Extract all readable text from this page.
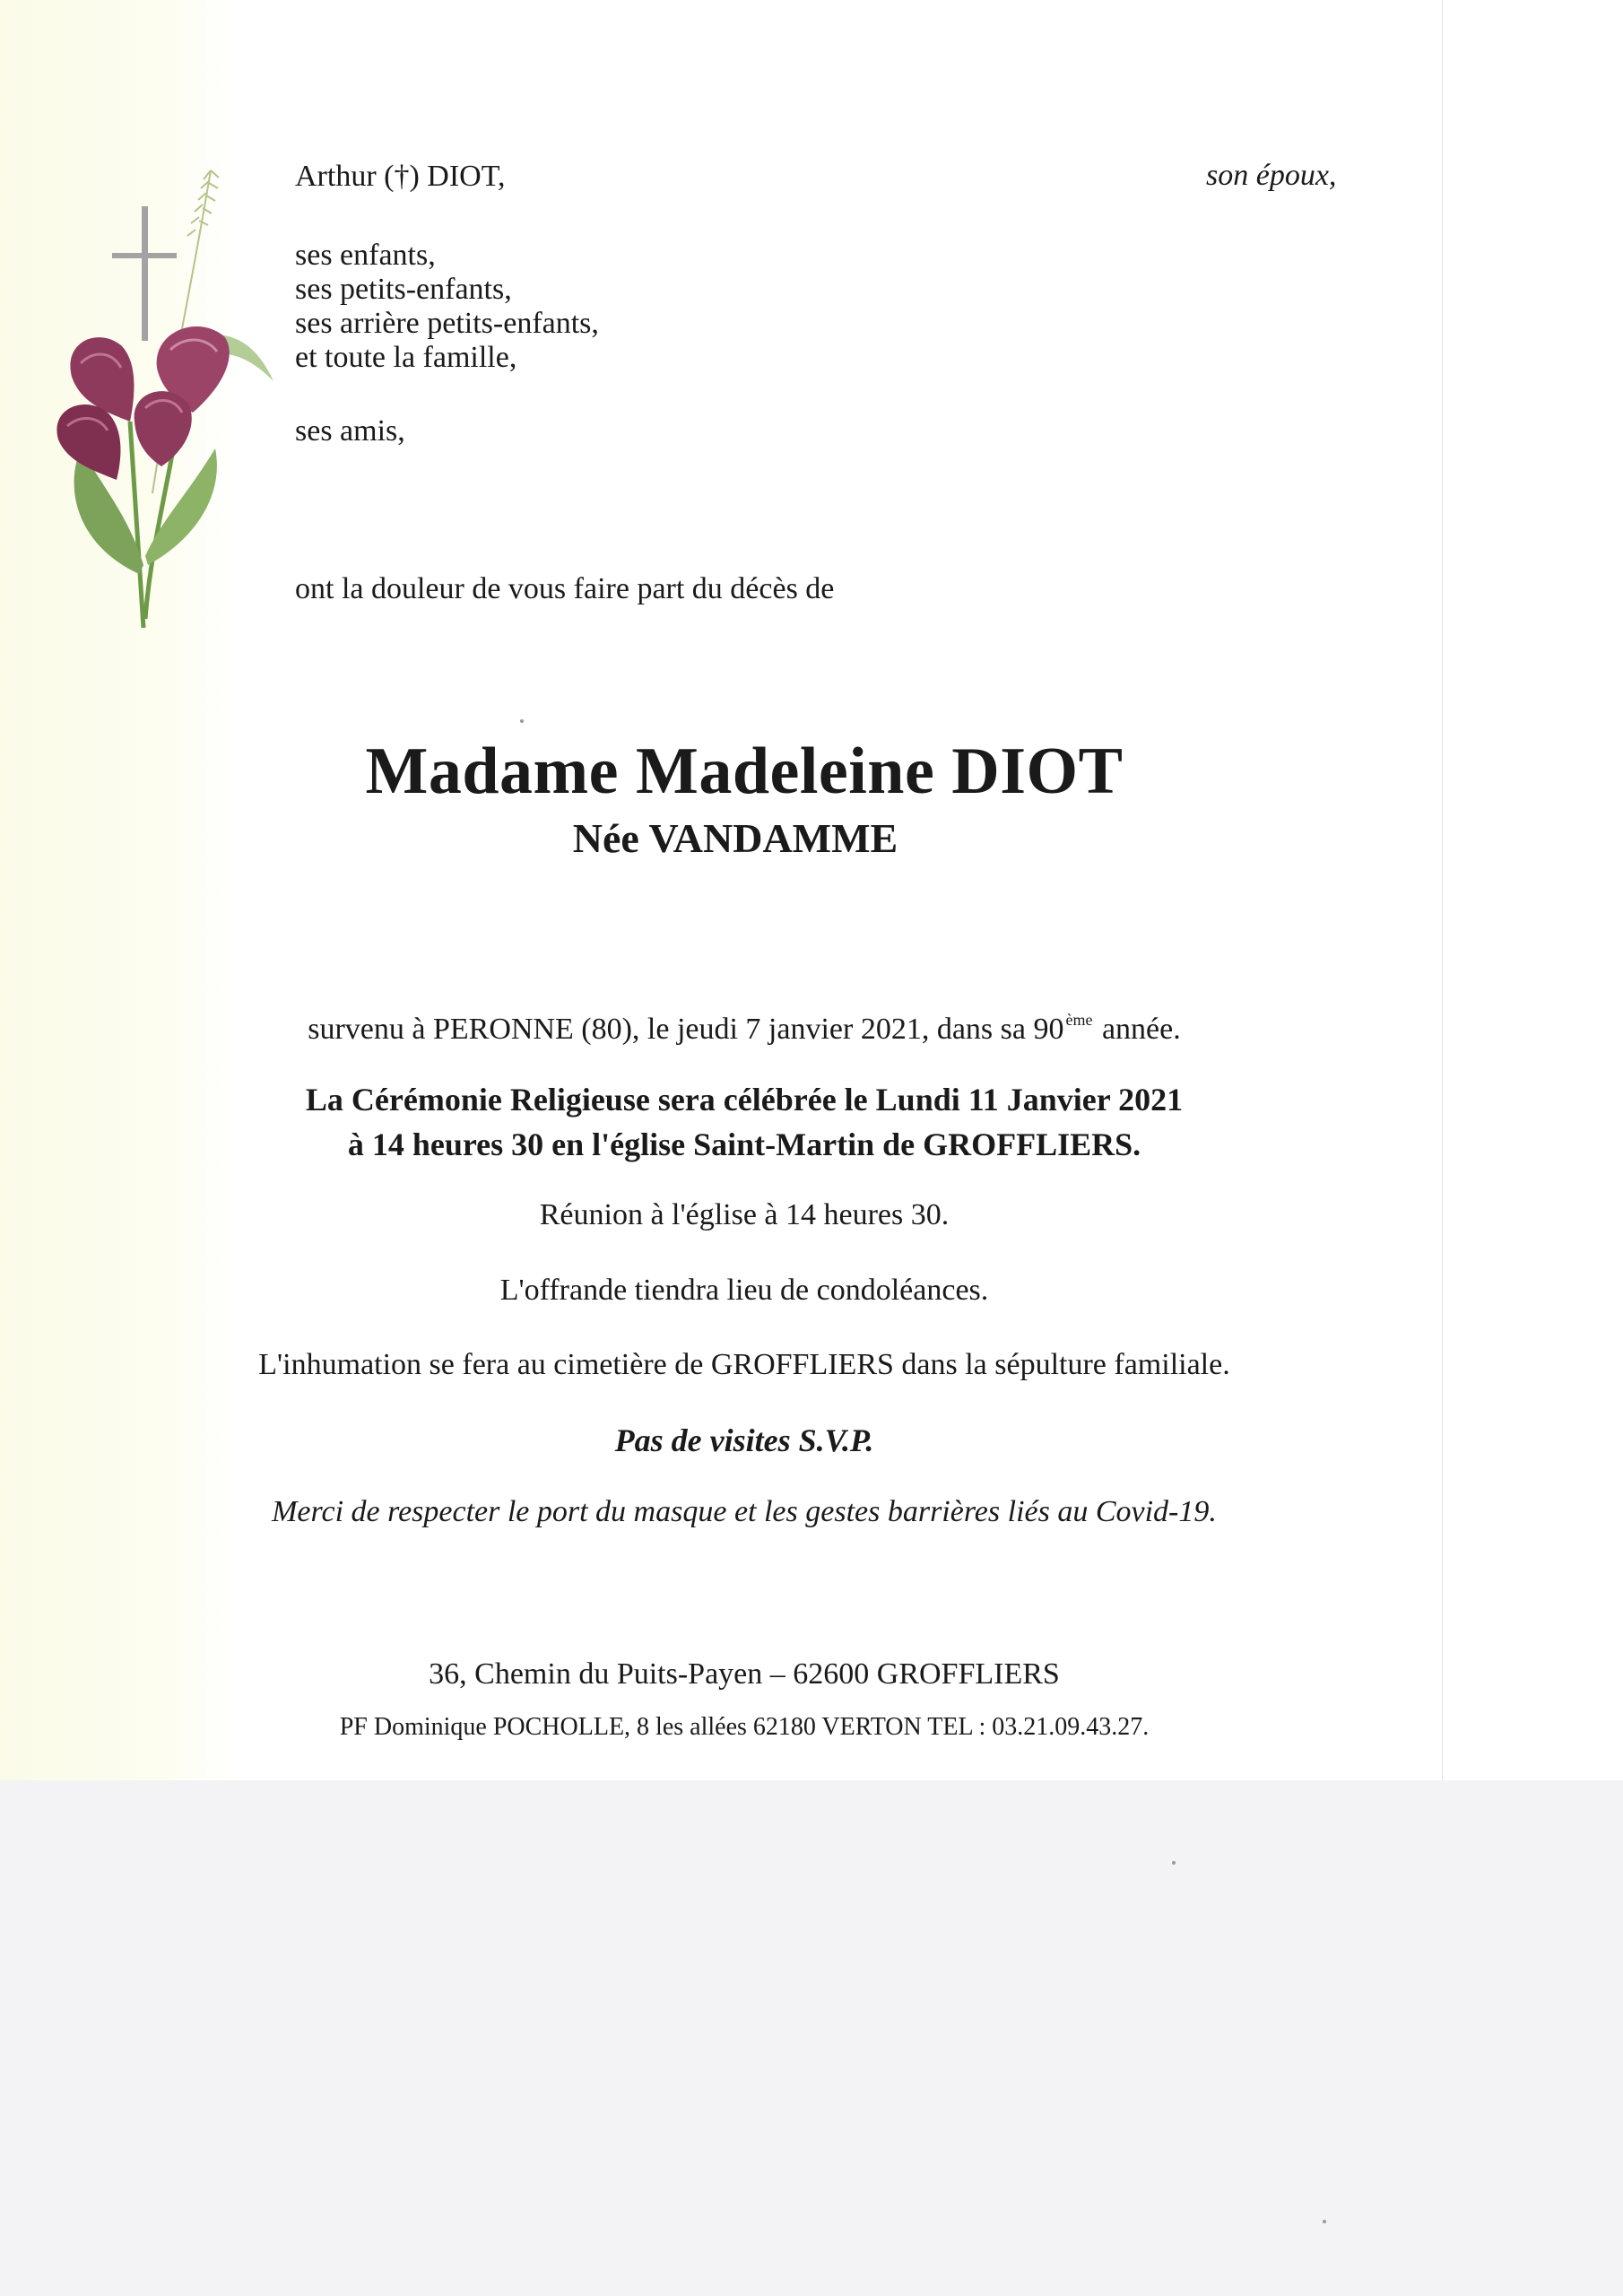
Arthur (†) DIOT,
ses enfants,
ses petits-enfants,
ses arrière petits-enfants,
et toute la famille,
ses amis,
son époux,
ont la douleur de vous faire part du décès de
Madame Madeleine DIOT
Née VANDAMME
survenu à PERONNE (80), le jeudi 7 janvier 2021, dans sa 90 $^{ème}$ année.
La Cérémonie Religieuse sera célébrée le Lundi 11 Janvier 2021
à 14 heures 30 en l'église Saint-Martin de GROFFLIERS.
Réunion à l'église à 14 heures 30.
L'offrande tiendra lieu de condoléances.
L'inhumation se fera au cimetière de GROFFLIERS dans la sépulture familiale.
Pas de visites S.V.P.
Merci de respecter le port du masque et les gestes barrières liés au Covid-19.
36, Chemin du Puits-Payen – 62600 GROFFLIERS
PF Dominique POCHOLLE, 8 les allées 62180 VERTON TEL : 03.21.09.43.27.
